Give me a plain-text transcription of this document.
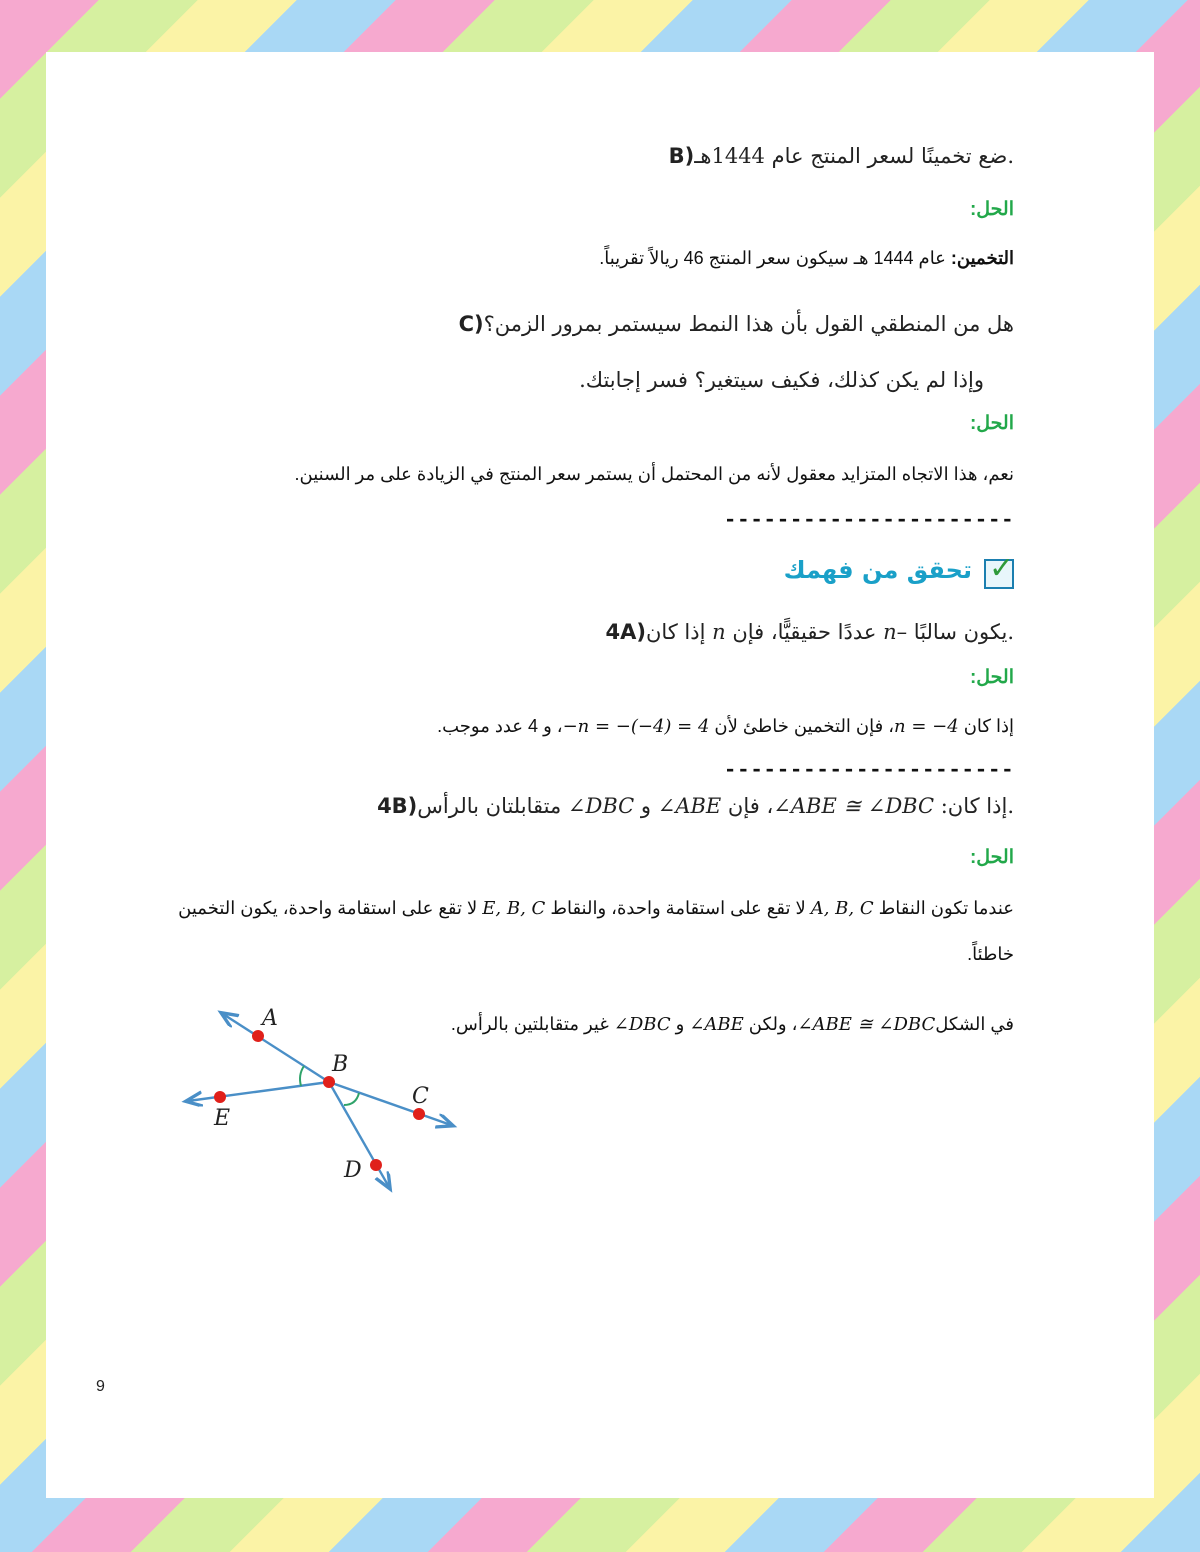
B)ضع تخمينًا لسعر المنتج عام 1444هـ.
الحل:
التخمين: عام 1444 هـ سيكون سعر المنتج 46 ريالاً تقريباً.
C)هل من المنطقي القول بأن هذا النمط سيستمر بمرور الزمن؟
وإذا لم يكن كذلك، فكيف سيتغير؟ فسر إجابتك.
الحل:
نعم، هذا الاتجاه المتزايد معقول لأنه من المحتمل أن يستمر سعر المنتج في الزيادة على مر السنين.
----------------------
✓
تحقق من فهمك
4A)إذا كان n عددًا حقيقيًّا، فإن n– يكون سالبًا.
الحل:
إذا كان n = −4، فإن التخمين خاطئ لأن −n = −(−4) = 4، و 4 عدد موجب.
----------------------
4B)	إذا كان: ∠ABE ≅ ∠DBC، فإن ∠ABE و ∠DBC متقابلتان بالرأس.
الحل:
عندما تكون النقاط A, B, C لا تقع على استقامة واحدة، والنقاط E, B, C لا تقع على استقامة واحدة، يكون التخمين
خاطئاً.
في الشكل∠ABE ≅ ∠DBC، ولكن ∠ABE و ∠DBC غير متقابلتين بالرأس.
A
B
C
D
E
9
